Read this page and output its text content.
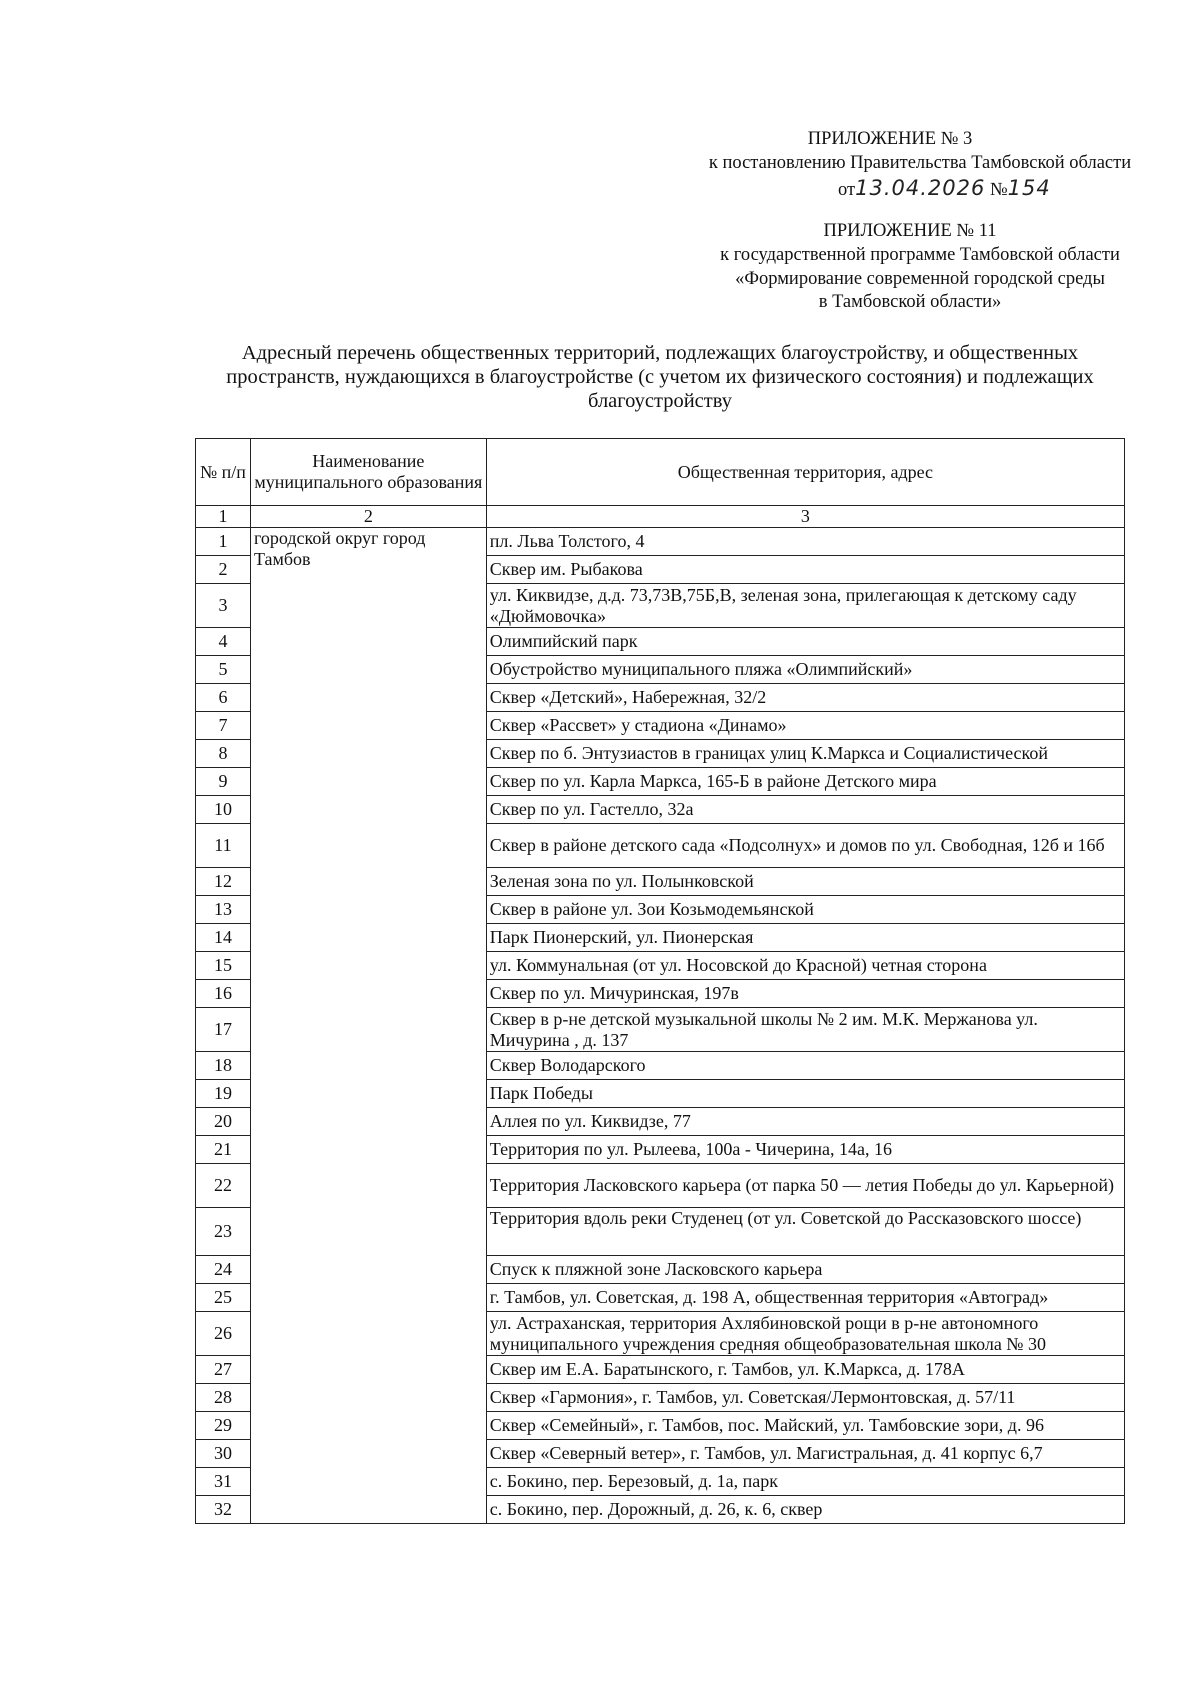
ПРИЛОЖЕНИЕ № 3
к постановлению Правительства Тамбовской области
от13.04.2026 №154
ПРИЛОЖЕНИЕ № 11
к государственной программе Тамбовской области
«Формирование современной городской среды
в Тамбовской области»
Адресный перечень общественных территорий, подлежащих благоустройству, и общественных пространств, нуждающихся в благоустройстве (с учетом их физического состояния) и подлежащих благоустройству
№ п/п	Наименование муниципального образования	Общественная территория, адрес
1	2	3
1	городской округ город Тамбов	пл. Льва Толстого, 4
2		Сквер им. Рыбакова
3		ул. Киквидзе, д.д. 73,73В,75Б,В, зеленая зона, прилегающая к детскому саду «Дюймовочка»
4		Олимпийский парк
5		Обустройство муниципального пляжа «Олимпийский»
6		Сквер «Детский», Набережная, 32/2
7		Сквер «Рассвет» у стадиона «Динамо»
8		Сквер по б. Энтузиастов в границах улиц К.Маркса и Социалистической
9		Сквер по ул. Карла Маркса, 165-Б в районе Детского мира
10		Сквер по ул. Гастелло, 32а
11		Сквер в районе детского сада «Подсолнух» и домов по ул. Свободная, 12б и 16б
12		Зеленая зона по ул. Полынковской
13		Сквер в районе ул. Зои Козьмодемьянской
14		Парк Пионерский, ул. Пионерская
15		ул. Коммунальная (от ул. Носовской до Красной) четная сторона
16		Сквер по ул. Мичуринская, 197в
17		Сквер в р-не детской музыкальной школы № 2 им. М.К. Мержанова ул. Мичурина , д. 137
18		Сквер Володарского
19		Парк Победы
20		Аллея по ул. Киквидзе, 77
21		Территория по ул. Рылеева, 100а - Чичерина, 14а, 16
22		Территория Ласковского карьера (от парка 50 — летия Победы до ул. Карьерной)
23		Территория вдоль реки Студенец (от ул. Советской до Рассказовского шоссе)
24		Спуск к пляжной зоне Ласковского карьера
25		г. Тамбов, ул. Советская, д. 198 А, общественная территория «Автоград»
26		ул. Астраханская, территория Ахлябиновской рощи в р-не автономного муниципального учреждения средняя общеобразовательная школа № 30
27		Сквер им Е.А. Баратынского, г. Тамбов, ул. К.Маркса, д. 178А
28		Сквер «Гармония», г. Тамбов, ул. Советская/Лермонтовская, д. 57/11
29		Сквер «Семейный», г. Тамбов, пос. Майский, ул. Тамбовские зори, д. 96
30		Сквер «Северный ветер», г. Тамбов, ул. Магистральная, д. 41 корпус 6,7
31		с. Бокино, пер. Березовый, д. 1а, парк
32		с. Бокино, пер. Дорожный, д. 26, к. 6, сквер
